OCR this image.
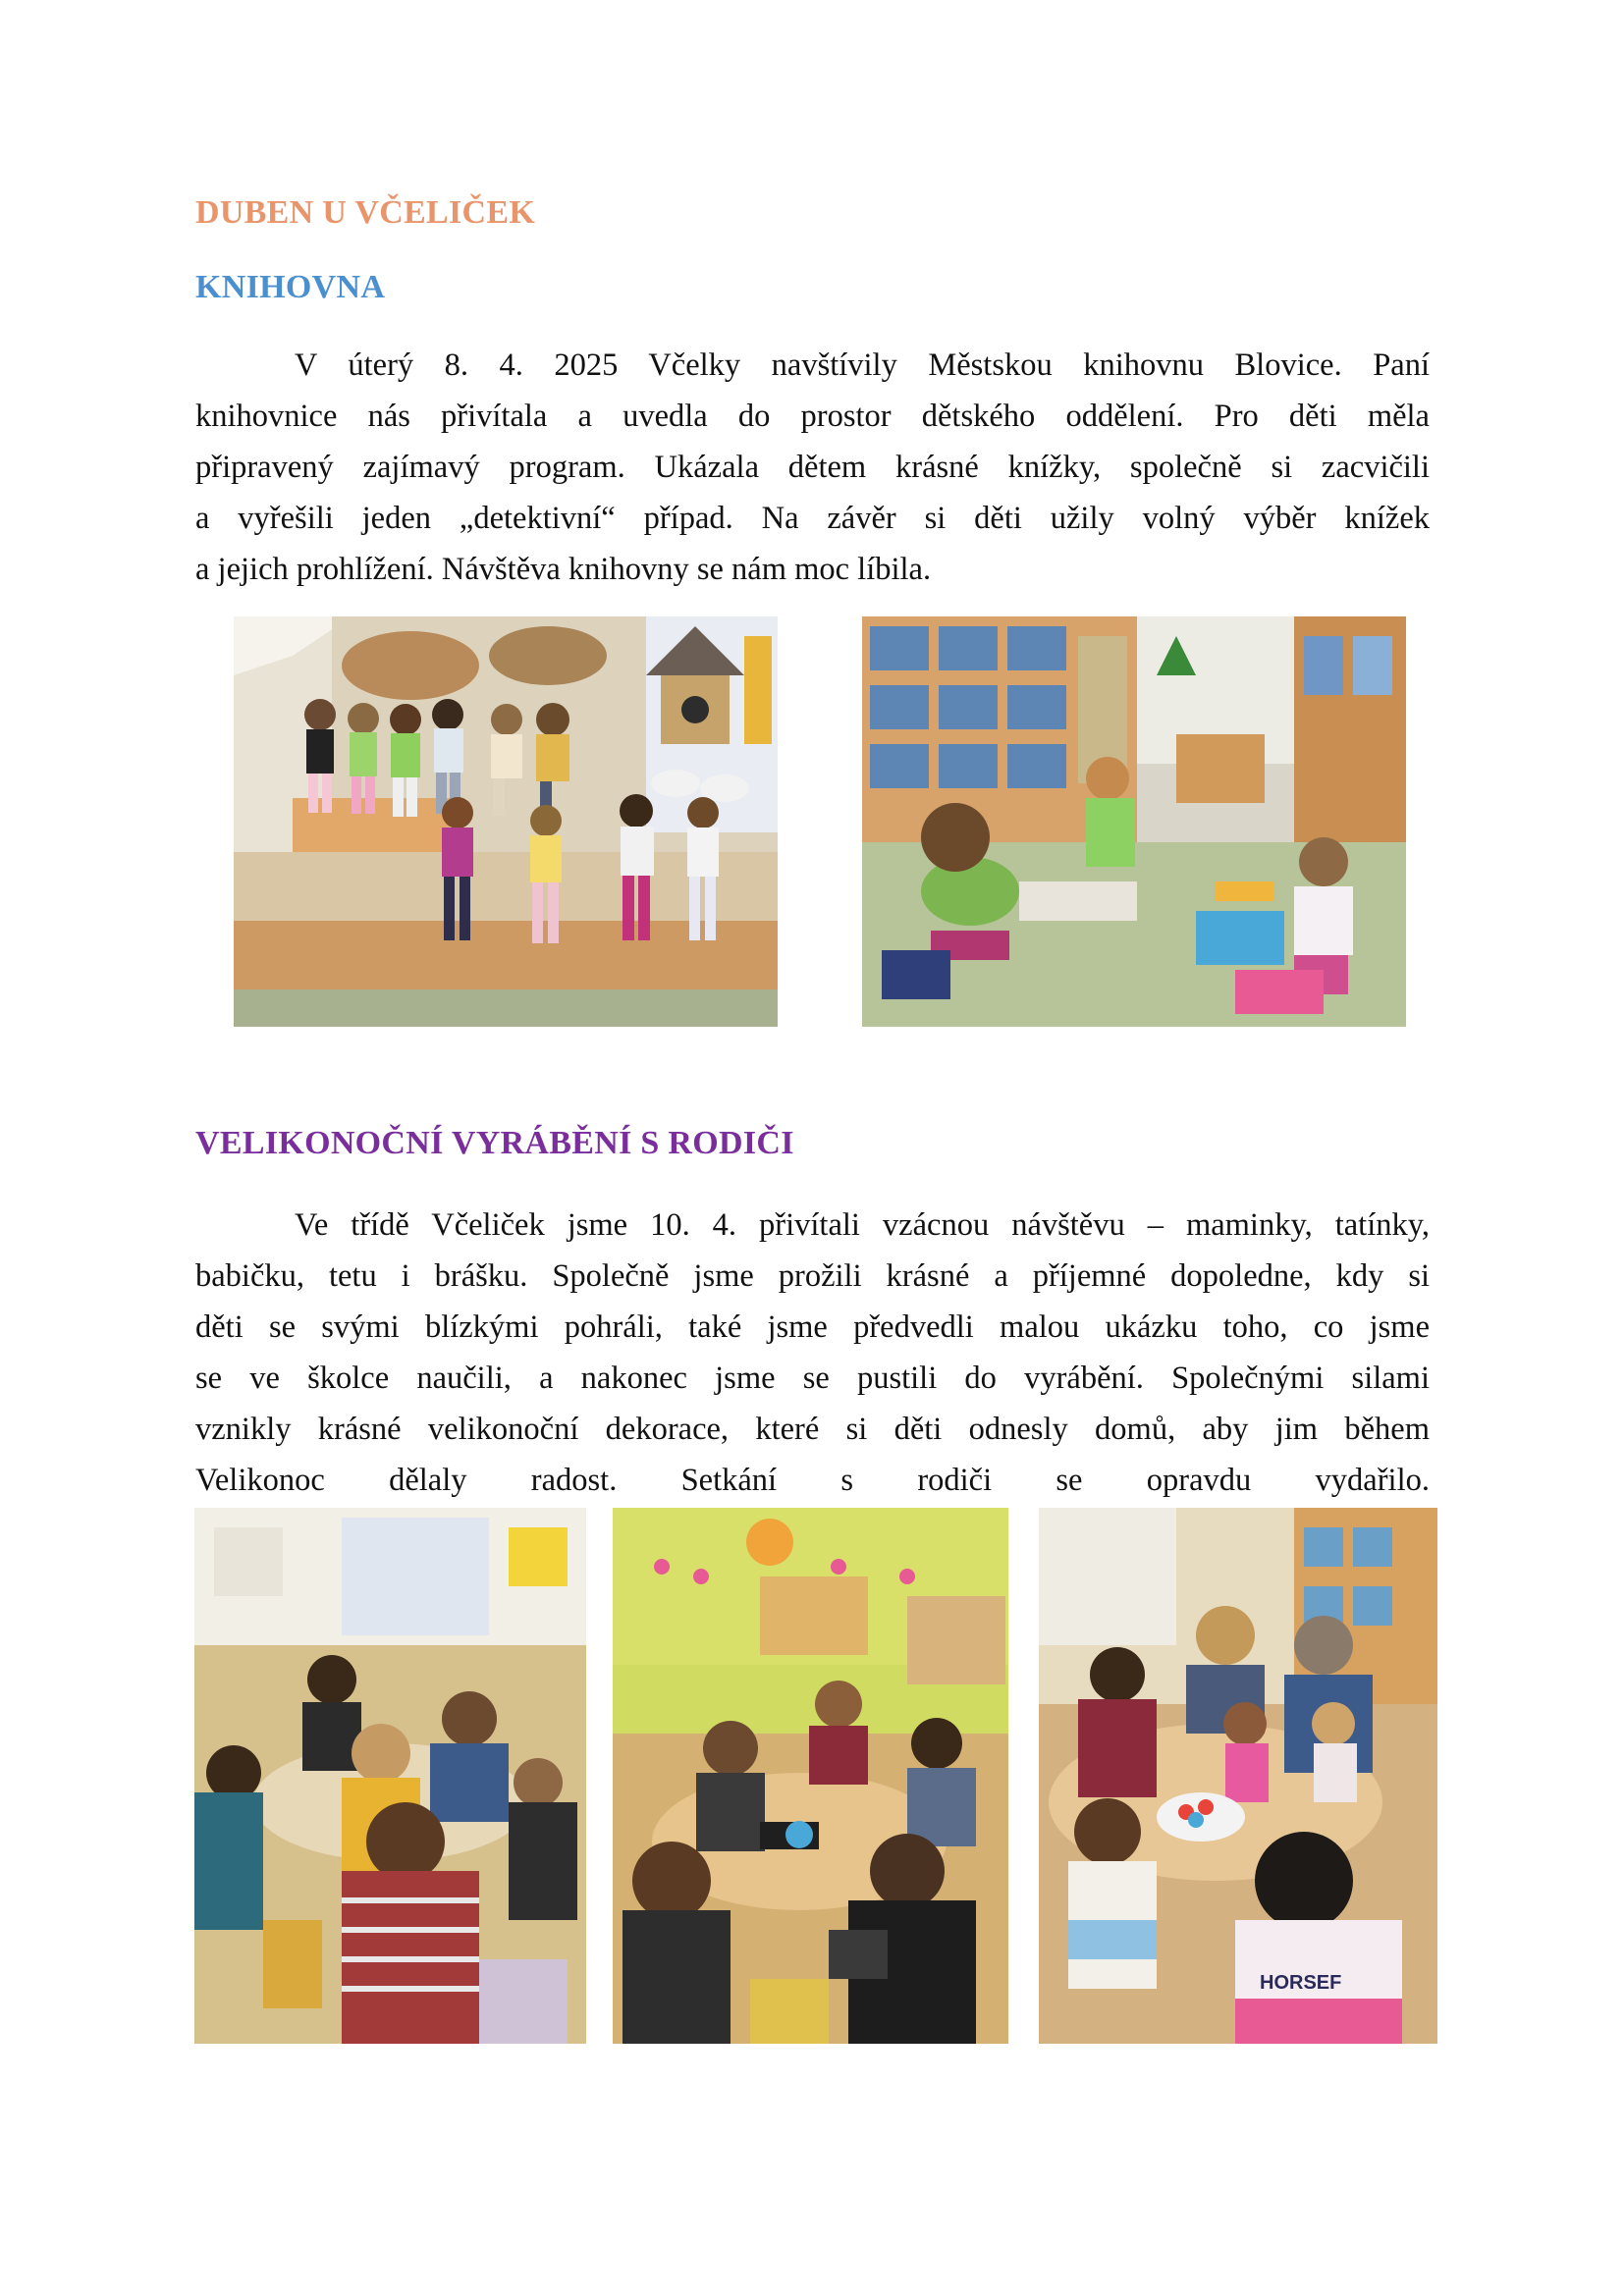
DUBEN U VČELIČEK
KNIHOVNA
V úterý 8. 4. 2025 Včelky navštívily Městskou knihovnu Blovice. Paní
knihovnice nás přivítala a uvedla do prostor dětského oddělení. Pro děti měla
připravený zajímavý program. Ukázala dětem krásné knížky, společně si zacvičili
a vyřešili jeden „detektivní“ případ. Na závěr si děti užily volný výběr knížek
a jejich prohlížení. Návštěva knihovny se nám moc líbila.
VELIKONOČNÍ VYRÁBĚNÍ S RODIČI
Ve třídě Včeliček jsme 10. 4. přivítali vzácnou návštěvu – maminky, tatínky,
babičku, tetu i brášku. Společně jsme prožili krásné a příjemné dopoledne, kdy si
děti se svými blízkými pohráli, také jsme předvedli malou ukázku toho, co jsme
se ve školce naučili, a nakonec jsme se pustili do vyrábění. Společnými silami
vznikly krásné velikonoční dekorace, které si děti odnesly domů, aby jim během
Velikonoc dělaly radost. Setkání s rodiči se opravdu vydařilo.
HORSEF
